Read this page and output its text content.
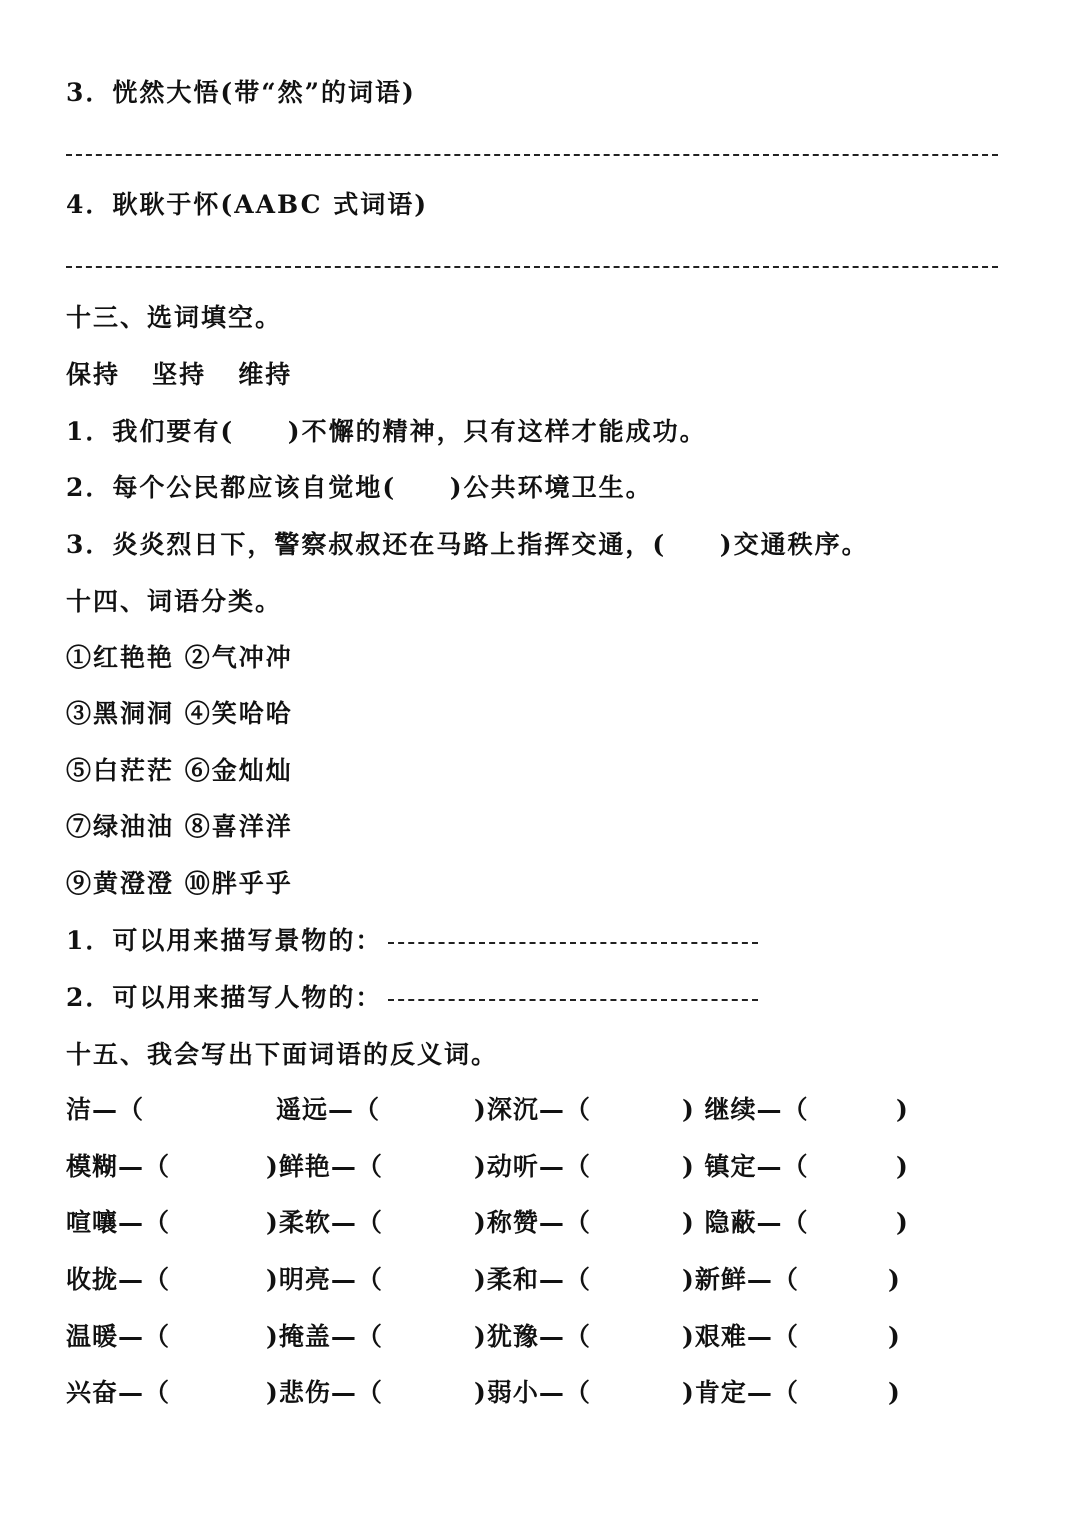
3．恍然大悟(带“然”的词语)
4．耿耿于怀(AABC 式词语)
十三、选词填空。
保持   坚持   维持
1．我们要有(     )不懈的精神，只有这样才能成功。
2．每个公民都应该自觉地(     )公共环境卫生。
3．炎炎烈日下，警察叔叔还在马路上指挥交通，(     )交通秩序。
十四、词语分类。
①红艳艳 ②气冲冲
③黑洞洞 ④笑哈哈
⑤白茫茫 ⑥金灿灿
⑦绿油油 ⑧喜洋洋
⑨黄澄澄 ⑩胖乎乎
1．可以用来描写景物的：
2．可以用来描写人物的：
十五、我会写出下面词语的反义词。
洁—（	遥远—（	)深沉—（	) 继续—（	)
模糊—（	)鲜艳—（	)动听—（	) 镇定—（	)
喧嚷—（	)柔软—（	)称赞—（	) 隐蔽—（	)
收拢—（	)明亮—（	)柔和—（	)新鲜—（	)
温暖—（	)掩盖—（	)犹豫—（	)艰难—（	)
兴奋—（	)悲伤—（	)弱小—（	)肯定—（	)
